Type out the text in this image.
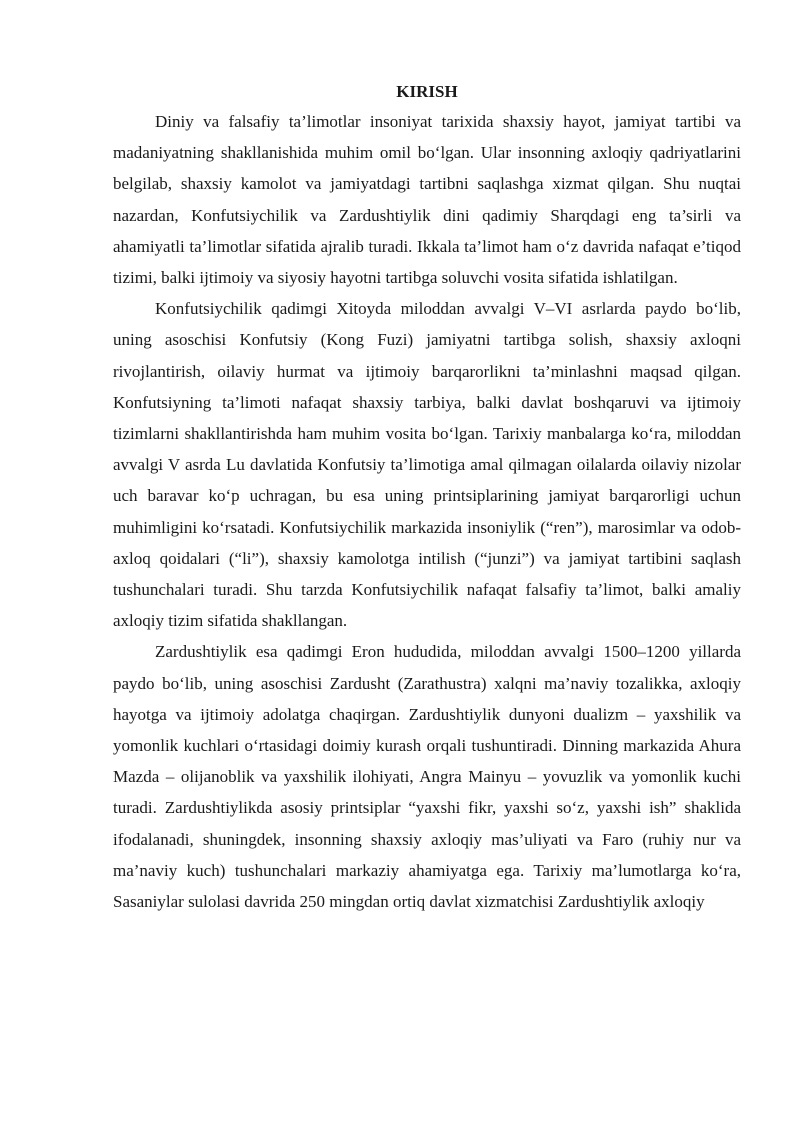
KIRISH

Diniy va falsafiy ta’limotlar insoniyat tarixida shaxsiy hayot, jamiyat tartibi va madaniyatning shakllanishida muhim omil bo‘lgan. Ular insonning axloqiy qadriyatlarini belgilab, shaxsiy kamolot va jamiyatdagi tartibni saqlashga xizmat qilgan. Shu nuqtai nazardan, Konfutsiychilik va Zardushtiylik dini qadimiy Sharqdagi eng ta’sirli va ahamiyatli ta’limotlar sifatida ajralib turadi. Ikkala ta’limot ham o‘z davrida nafaqat e’tiqod tizimi, balki ijtimoiy va siyosiy hayotni tartibga soluvchi vosita sifatida ishlatilgan.

Konfutsiychilik qadimgi Xitoyda miloddan avvalgi V–VI asrlarda paydo bo‘lib, uning asoschisi Konfutsiy (Kong Fuzi) jamiyatni tartibga solish, shaxsiy axloqni rivojlantirish, oilaviy hurmat va ijtimoiy barqarorlikni ta’minlashni maqsad qilgan. Konfutsiyning ta’limoti nafaqat shaxsiy tarbiya, balki davlat boshqaruvi va ijtimoiy tizimlarni shakllantirishda ham muhim vosita bo‘lgan. Tarixiy manbalarga ko‘ra, miloddan avvalgi V asrda Lu davlatida Konfutsiy ta’limotiga amal qilmagan oilalarda oilaviy nizolar uch baravar ko‘p uchragan, bu esa uning printsiplarining jamiyat barqarorligi uchun muhimligini ko‘rsatadi. Konfutsiychilik markazida insoniylik (“ren”), marosimlar va odob-axloq qoidalari (“li”), shaxsiy kamolotga intilish (“junzi”) va jamiyat tartibini saqlash tushunchalari turadi. Shu tarzda Konfutsiychilik nafaqat falsafiy ta’limot, balki amaliy axloqiy tizim sifatida shakllangan.

Zardushtiylik esa qadimgi Eron hududida, miloddan avvalgi 1500–1200 yillarda paydo bo‘lib, uning asoschisi Zardusht (Zarathustra) xalqni ma’naviy tozalikka, axloqiy hayotga va ijtimoiy adolatga chaqirgan. Zardushtiylik dunyoni dualizm – yaxshilik va yomonlik kuchlari o‘rtasidagi doimiy kurash orqali tushuntiradi. Dinning markazida Ahura Mazda – olijanoblik va yaxshilik ilohiyati, Angra Mainyu – yovuzlik va yomonlik kuchi turadi. Zardushtiylikda asosiy printsiplar “yaxshi fikr, yaxshi so‘z, yaxshi ish” shaklida ifodalanadi, shuningdek, insonning shaxsiy axloqiy mas’uliyati va Faro (ruhiy nur va ma’naviy kuch) tushunchalari markaziy ahamiyatga ega. Tarixiy ma’lumotlarga ko‘ra, Sasaniylar sulolasi davrida 250 mingdan ortiq davlat xizmatchisi Zardushtiylik axloqiy
